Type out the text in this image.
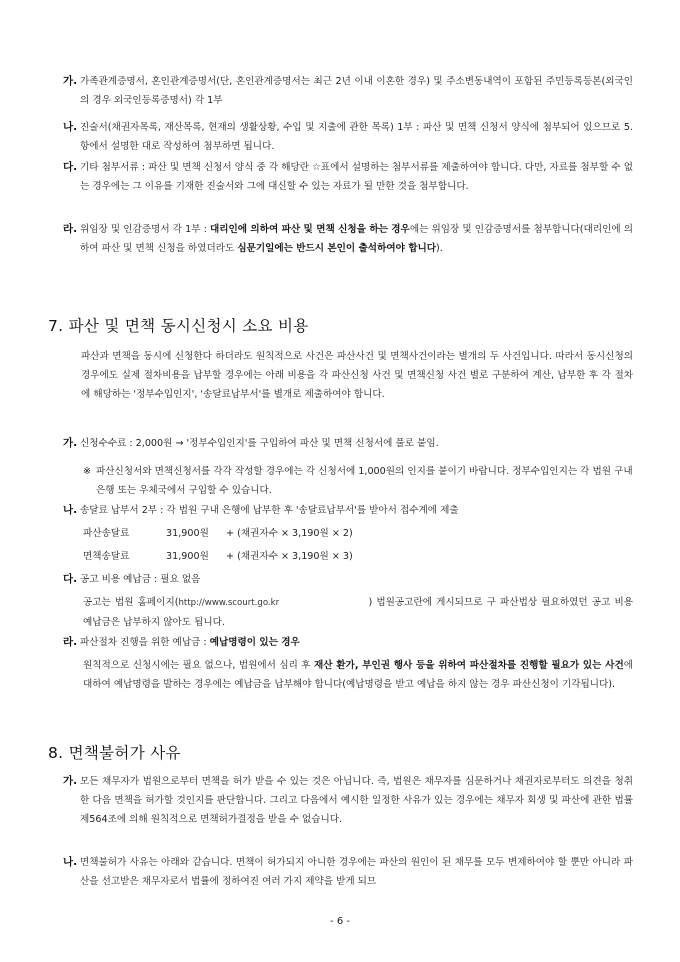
가. 가족관계증명서, 혼인관계증명서(단, 혼인관계증명서는 최근 2년 이내 이혼한 경우) 및 주소변동내역이 포함된 주민등록등본(외국인의 경우 외국인등록증명서) 각 1부
나. 진술서(채권자목록, 재산목록, 현재의 생활상황, 수입 및 지출에 관한 목록) 1부 : 파산 및 면책 신청서 양식에 첨부되어 있으므로 5.항에서 설명한 대로 작성하여 첨부하면 됩니다.
다. 기타 첨부서류 : 파산 및 면책 신청서 양식 중 각 해당란 ☆표에서 설명하는 첨부서류를 제출하여야 합니다. 다만, 자료를 첨부할 수 없는 경우에는 그 이유를 기재한 진술서와 그에 대신할 수 있는 자료가 될 만한 것을 첨부합니다.
라. 위임장 및 인감증명서 각 1부 : 대리인에 의하여 파산 및 면책 신청을 하는 경우에는 위임장 및 인감증명서를 첨부합니다(대리인에 의하여 파산 및 면책 신청을 하였더라도 심문기일에는 반드시 본인이 출석하여야 합니다).
7. 파산 및 면책 동시신청시 소요 비용
파산과 면책을 동시에 신청한다 하더라도 원칙적으로 사건은 파산사건 및 면책사건이라는 별개의 두 사건입니다. 따라서 동시신청의 경우에도 실제 절차비용을 납부할 경우에는 아래 비용을 각 파산신청 사건 및 면책신청 사건 별로 구분하여 계산, 납부한 후 각 절차에 해당하는 '정부수입인지', '송달료납부서'를 별개로 제출하여야 합니다.
가. 신청수수료 : 2,000원 → '정부수입인지'를 구입하여 파산 및 면책 신청서에 풀로 붙임.
※ 파산신청서와 면책신청서를 각각 작성할 경우에는 각 신청서에 1,000원의 인지를 붙이기 바랍니다. 정부수입인지는 각 법원 구내 은행 또는 우체국에서 구입할 수 있습니다.
나. 송달료 납부서 2부 : 각 법원 구내 은행에 납부한 후 '송달료납부서'를 받아서 접수계에 제출
파산송달료	31,900원 + (채권자수 × 3,190원 × 2)
면책송달료	31,900원 + (채권자수 × 3,190원 × 3)
다. 공고 비용 예납금 : 필요 없음
공고는 법원 홈페이지(http://www.scourt.go.kr	) 법원공고란에 게시되므로 구 파산법상 필요하였던 공고 비용 예납금은 납부하지 않아도 됩니다.
라. 파산절차 진행을 위한 예납금 : 예납명령이 있는 경우
원칙적으로 신청시에는 필요 없으나, 법원에서 심리 후 재산 환가, 부인권 행사 등을 위하여 파산절차를 진행할 필요가 있는 사건에 대하여 예납명령을 발하는 경우에는 예납금을 납부해야 합니다(예납명령을 받고 예납을 하지 않는 경우 파산신청이 기각됩니다).
8. 면책불허가 사유
가. 모든 채무자가 법원으로부터 면책을 허가 받을 수 있는 것은 아닙니다. 즉, 법원은 채무자를 심문하거나 채권자로부터도 의견을 청취한 다음 면책을 허가할 것인지를 판단합니다. 그리고 다음에서 예시한 일정한 사유가 있는 경우에는 채무자 회생 및 파산에 관한 법률 제564조에 의해 원칙적으로 면책허가결정을 받을 수 없습니다.
나. 면책불허가 사유는 아래와 같습니다. 면책이 허가되지 아니한 경우에는 파산의 원인이 된 채무를 모두 변제하여야 할 뿐만 아니라 파산을 선고받은 채무자로서 법률에 정하여진 여러 가지 제약을 받게 되므
- 6 -
